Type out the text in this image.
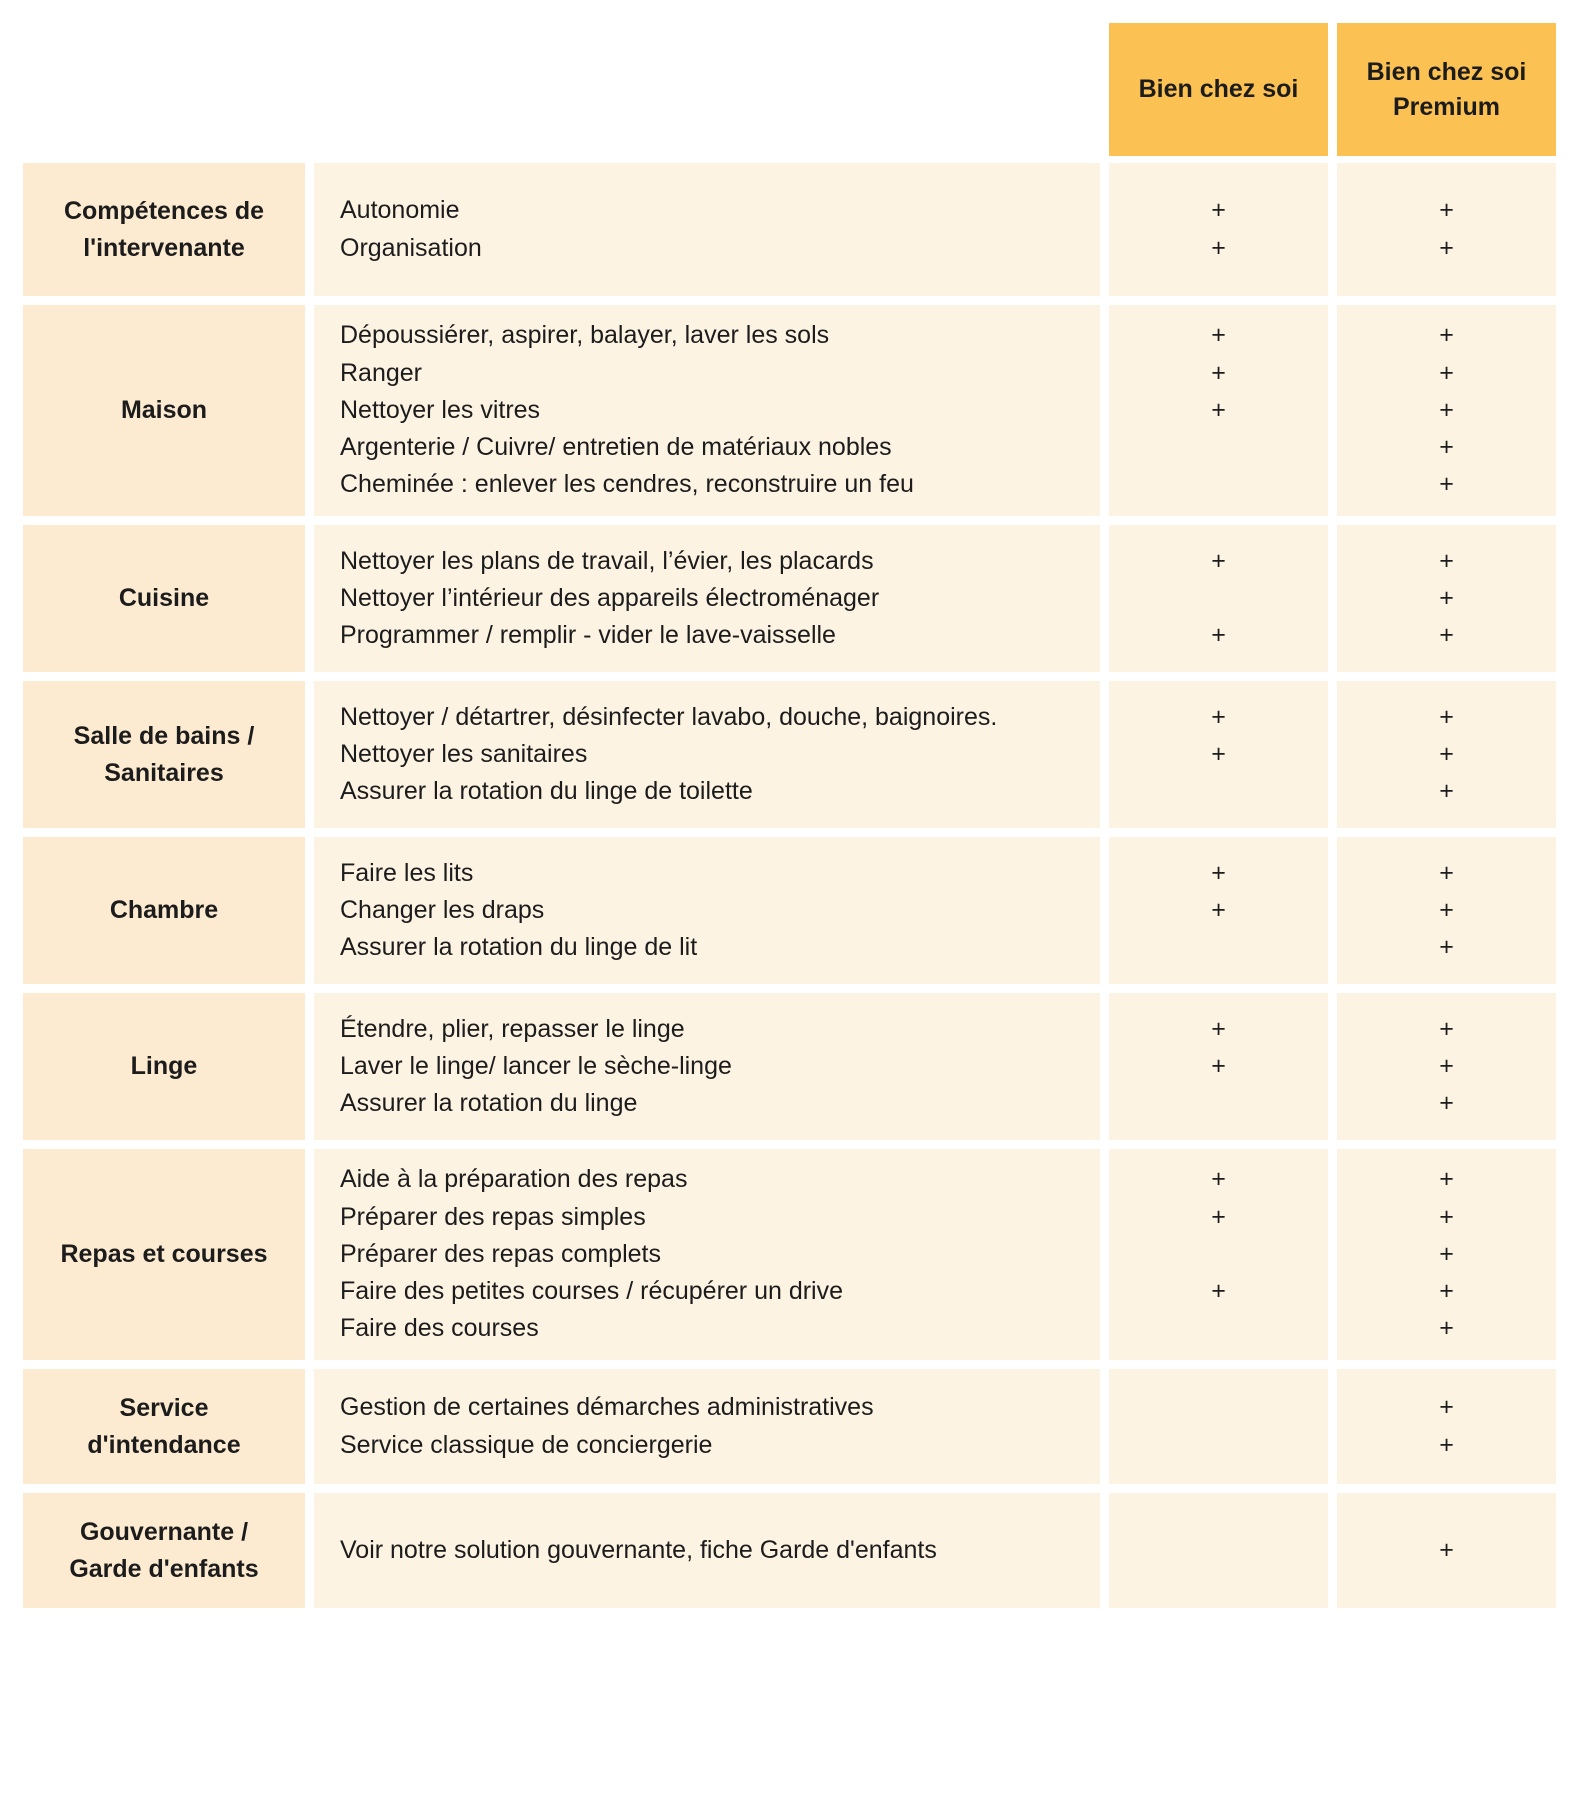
Bien chez soi
Bien chez soi
Premium
Compétences de
l'intervenante
Autonomie
Organisation
+
+
+
+
Maison
Dépoussiérer, aspirer, balayer, laver les sols
Ranger
Nettoyer les vitres
Argenterie / Cuivre/ entretien de matériaux nobles
Cheminée : enlever les cendres, reconstruire un feu
+
+
+
+
+
+
+
+
Cuisine
Nettoyer les plans de travail, l’évier, les placards
Nettoyer l’intérieur des appareils électroménager
Programmer / remplir - vider le lave-vaisselle
+
+
+
+
+
Salle de bains /
Sanitaires
Nettoyer / détartrer, désinfecter lavabo, douche, baignoires.
Nettoyer les sanitaires
Assurer la rotation du linge de toilette
+
+
+
+
+
Chambre
Faire les lits
Changer les draps
Assurer la rotation du linge de lit
+
+
+
+
+
Linge
Étendre, plier, repasser le linge
Laver le linge/ lancer le sèche-linge
Assurer la rotation du linge
+
+
+
+
+
Repas et courses
Aide à la préparation des repas
Préparer des repas simples
Préparer des repas complets
Faire des petites courses / récupérer un drive
Faire des courses
+
+
+
+
+
+
+
+
Service
d'intendance
Gestion de certaines démarches administratives
Service classique de conciergerie
+
+
Gouvernante /
Garde d'enfants
Voir notre solution gouvernante, fiche Garde d'enfants	+
